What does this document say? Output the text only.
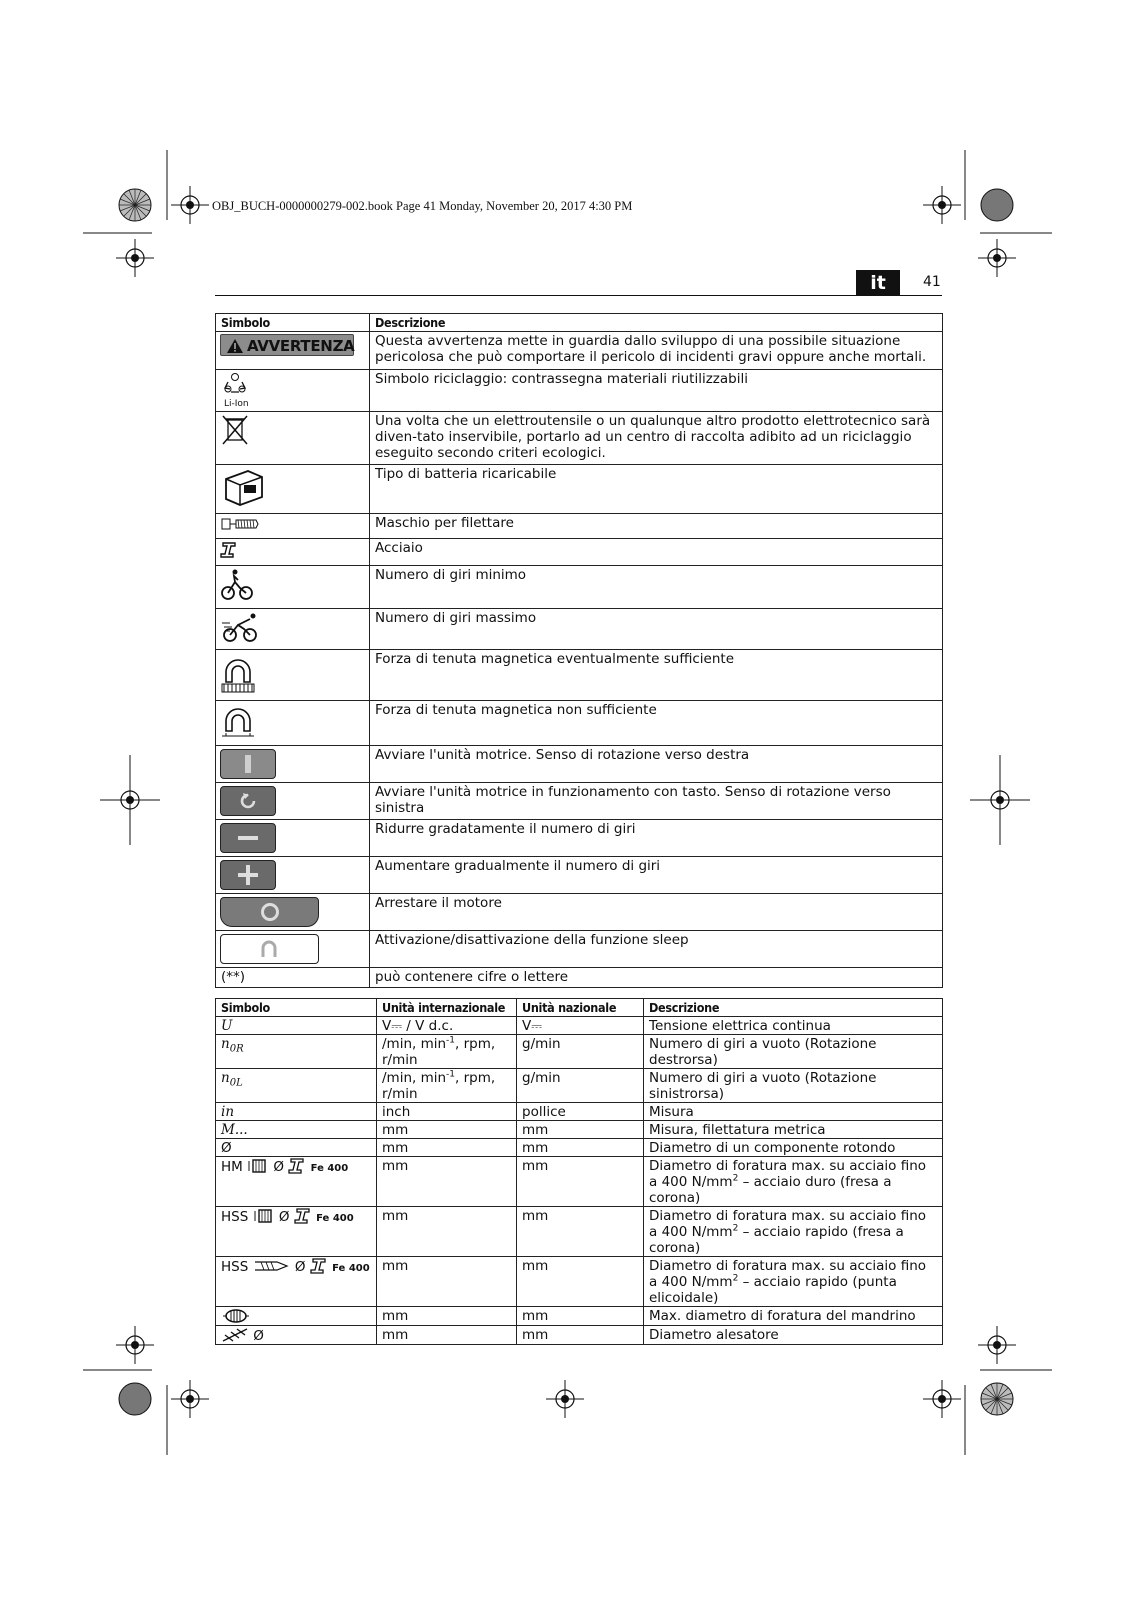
OBJ_BUCH-0000000279-002.book Page 41 Monday, November 20, 2017 4:30 PM
it	41
Simbolo	Descrizione

AVVERTENZA	Questa avvertenza mette in guardia dallo sviluppo di una possibile situazione pericolosa che può comportare il pericolo di incidenti gravi oppure anche mortali.

Li-Ion	Simbolo riciclaggio: contrassegna materiali riutilizzabili
	Una volta che un elettroutensile o un qualunque altro prodotto elettrotecnico sarà diven-tato inservibile, portarlo ad un centro di raccolta adibito ad un riciclaggio eseguito secondo criteri ecologici.
	Tipo di batteria ricaricabile
	Maschio per filettare
	Acciaio
	Numero di giri minimo
	Numero di giri massimo
	Forza di tenuta magnetica eventualmente sufficiente
	Forza di tenuta magnetica non sufficiente

	Avviare l'unità motrice. Senso di rotazione verso destra

	Avviare l'unità motrice in funzionamento con tasto. Senso di rotazione verso sinistra

	Ridurre gradatamente il numero di giri

	Aumentare gradualmente il numero di giri

	Arrestare il motore

	Attivazione/disattivazione della funzione sleep
(**)	può contenere cifre o lettere
Simbolo	Unità internazionale	Unità nazionale	Descrizione
U	V⎓ / V d.c.	V⎓	Tensione elettrica continua
$n_{0R}$	/min, $\min^{-1}$, rpm, r/min	g/min	Numero di giri a vuoto (Rotazione destrorsa)
$n_{0L}$	/min, $\min^{-1}$, rpm, r/min	g/min	Numero di giri a vuoto (Rotazione sinistrorsa)
in	inch	pollice	Misura
M...	mm	mm	Misura, filettatura metrica
Ø	mm	mm	Diametro di un componente rotondo
HM Ø Fe 400	mm	mm	Diametro di foratura max. su acciaio fino a 400 $N/mm^2$ – acciaio duro (fresa a corona)
HSS Ø Fe 400	mm	mm	Diametro di foratura max. su acciaio fino a 400 $N/mm^2$ – acciaio rapido (fresa a corona)
HSS Ø Fe 400	mm	mm	Diametro di foratura max. su acciaio fino a 400 $N/mm^2$ – acciaio rapido (punta elicoidale)
	mm	mm	Max. diametro di foratura del mandrino
Ø	mm	mm	Diametro alesatore
